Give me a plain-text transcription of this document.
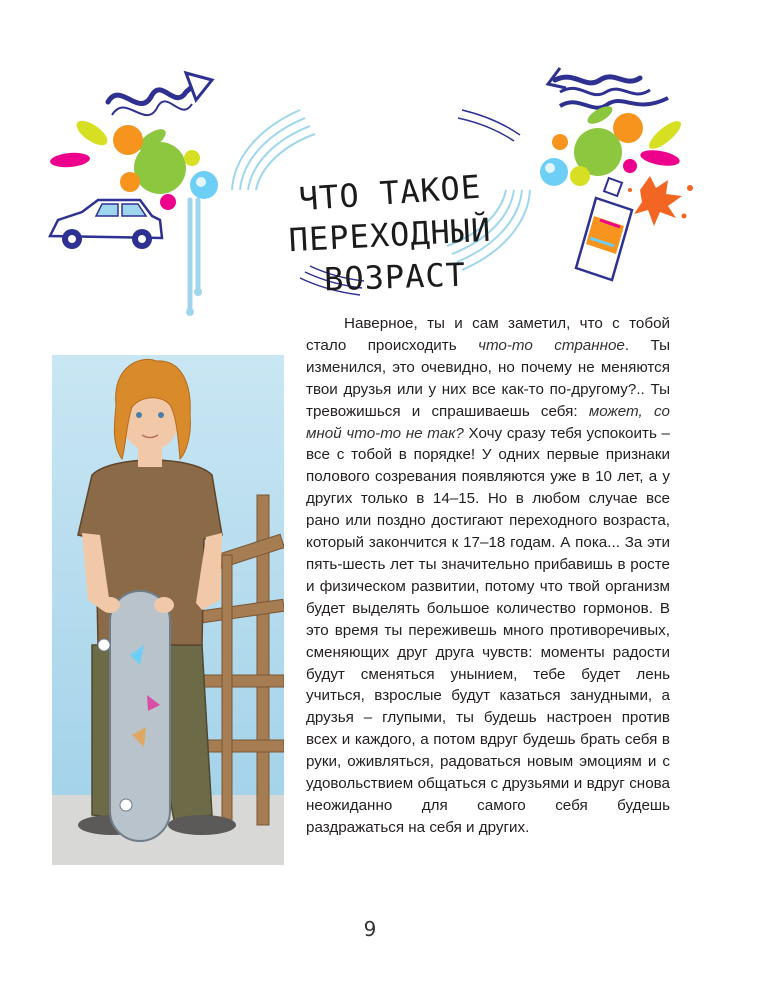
ЧТО ТАКОЕ
ПЕРЕХОДНЫЙ
ВОЗРАСТ

Наверное, ты и сам заметил, что с тобой стало происходить что-то странное. Ты изменился, это очевидно, но почему не меняются твои друзья или у них все как-то по-другому?.. Ты тревожишься и спрашиваешь себя: может, со мной что-то не так? Хочу сразу тебя успокоить – все с тобой в порядке! У одних первые признаки полового созревания появляются уже в 10 лет, а у других только в 14–15. Но в любом случае все рано или поздно достигают переходного возраста, который закончится к 17–18 годам. А пока... За эти пять-шесть лет ты значительно прибавишь в росте и физическом развитии, потому что твой организм будет выделять большое количество гормонов. В это время ты переживешь много противоречивых, сменяющих друг друга чувств: моменты радости будут сменяться унынием, тебе будет лень учиться, взрослые будут казаться занудными, а друзья – глупыми, ты будешь настроен против всех и каждого, а потом вдруг будешь брать себя в руки, оживляться, радоваться новым эмоциям и с удовольствием общаться с друзьями и вдруг снова неожиданно для самого себя будешь раздражаться на себя и других.

9
